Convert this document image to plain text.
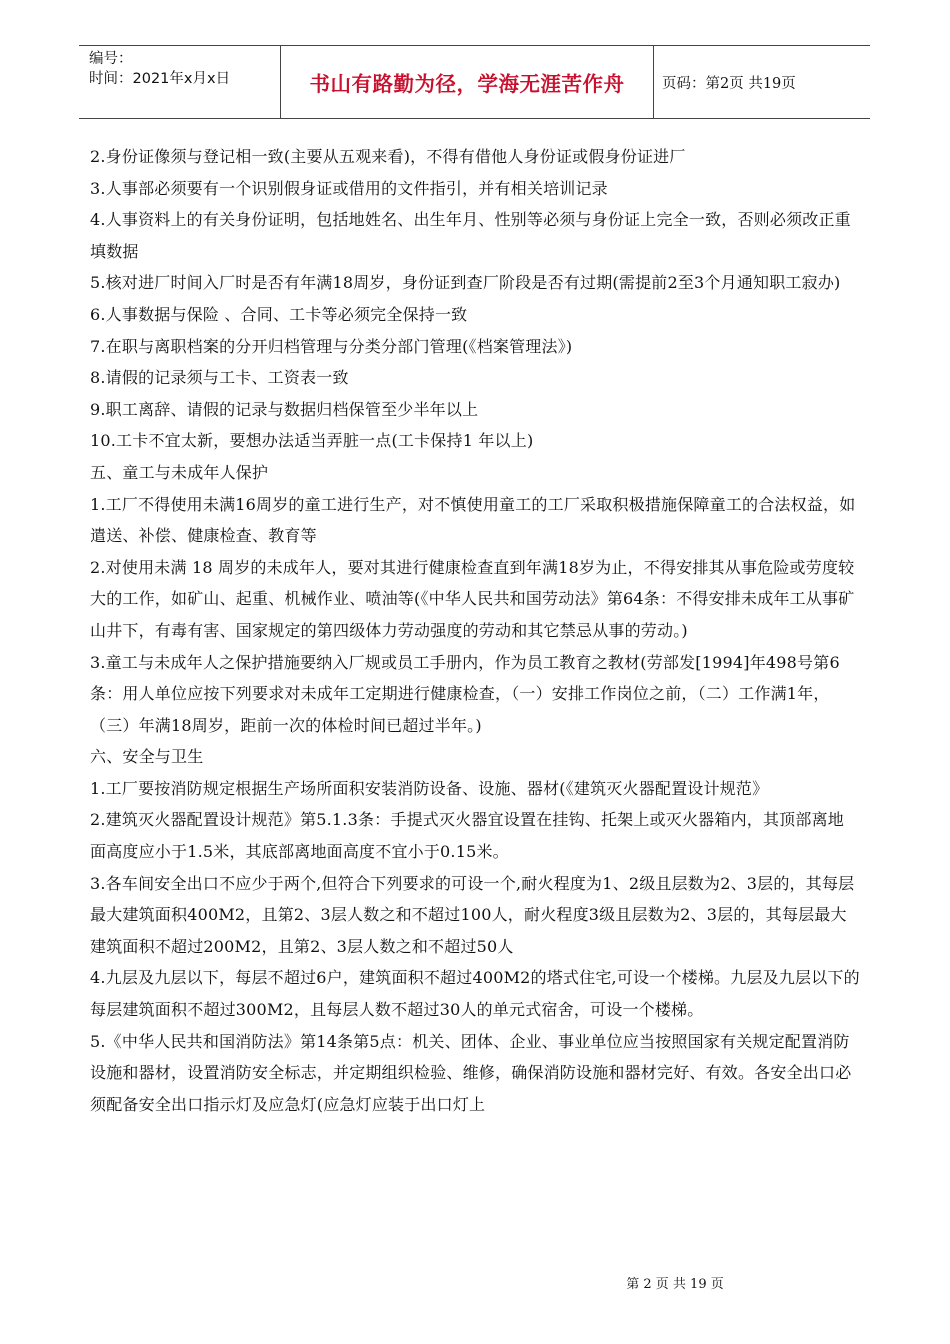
编号：
时间：2021年x月x日	书山有路勤为径，学海无涯苦作舟	页码：第2页 共19页

2.身份证像须与登记相一致(主要从五观来看)，不得有借他人身份证或假身份证进厂

3.人事部必须要有一个识别假身证或借用的文件指引，并有相关培训记录

4.人事资料上的有关身份证明，包括地姓名、出生年月、性别等必须与身份证上完全一致，否则必须改正重填数据

5.核对进厂时间入厂时是否有年满18周岁，身份证到查厂阶段是否有过期(需提前2至3个月通知职工寂办)

6.人事数据与保险 、合同、工卡等必须完全保持一致

7.在职与离职档案的分开归档管理与分类分部门管理(《档案管理法》)

8.请假的记录须与工卡、工资表一致

9.职工离辞、请假的记录与数据归档保管至少半年以上

10.工卡不宜太新，要想办法适当弄脏一点(工卡保持1 年以上)

五、童工与未成年人保护

1.工厂不得使用未满16周岁的童工进行生产，对不慎使用童工的工厂采取积极措施保障童工的合法权益，如遣送、补偿、健康检查、教育等

2.对使用未满 18 周岁的未成年人，要对其进行健康检查直到年满18岁为止，不得安排其从事危险或劳度较大的工作，如矿山、起重、机械作业、喷油等(《中华人民共和国劳动法》第64条：不得安排未成年工从事矿山井下，有毒有害、国家规定的第四级体力劳动强度的劳动和其它禁忌从事的劳动。)

3.童工与未成年人之保护措施要纳入厂规或员工手册内，作为员工教育之教材(劳部发[1994]年498号第6条：用人单位应按下列要求对未成年工定期进行健康检查，（一）安排工作岗位之前，（二）工作满1年，（三）年满18周岁，距前一次的体检时间已超过半年。)

六、安全与卫生

1.工厂要按消防规定根据生产场所面积安装消防设备、设施、器材(《建筑灭火器配置设计规范》

2.建筑灭火器配置设计规范》第5.1.3条：手提式灭火器宜设置在挂钩、托架上或灭火器箱内，其顶部离地面高度应小于1.5米，其底部离地面高度不宜小于0.15米。

3.各车间安全出口不应少于两个,但符合下列要求的可设一个,耐火程度为1、2级且层数为2、3层的，其每层最大建筑面积400M2，且第2、3层人数之和不超过100人，耐火程度3级且层数为2、3层的，其每层最大建筑面积不超过200M2，且第2、3层人数之和不超过50人

4.九层及九层以下，每层不超过6户，建筑面积不超过400M2的塔式住宅,可设一个楼梯。九层及九层以下的每层建筑面积不超过300M2，且每层人数不超过30人的单元式宿舍，可设一个楼梯。

5.《中华人民共和国消防法》第14条第5点：机关、团体、企业、事业单位应当按照国家有关规定配置消防设施和器材，设置消防安全标志，并定期组织检验、维修，确保消防设施和器材完好、有效。各安全出口必须配备安全出口指示灯及应急灯(应急灯应装于出口灯上

第 2 页 共 19 页
